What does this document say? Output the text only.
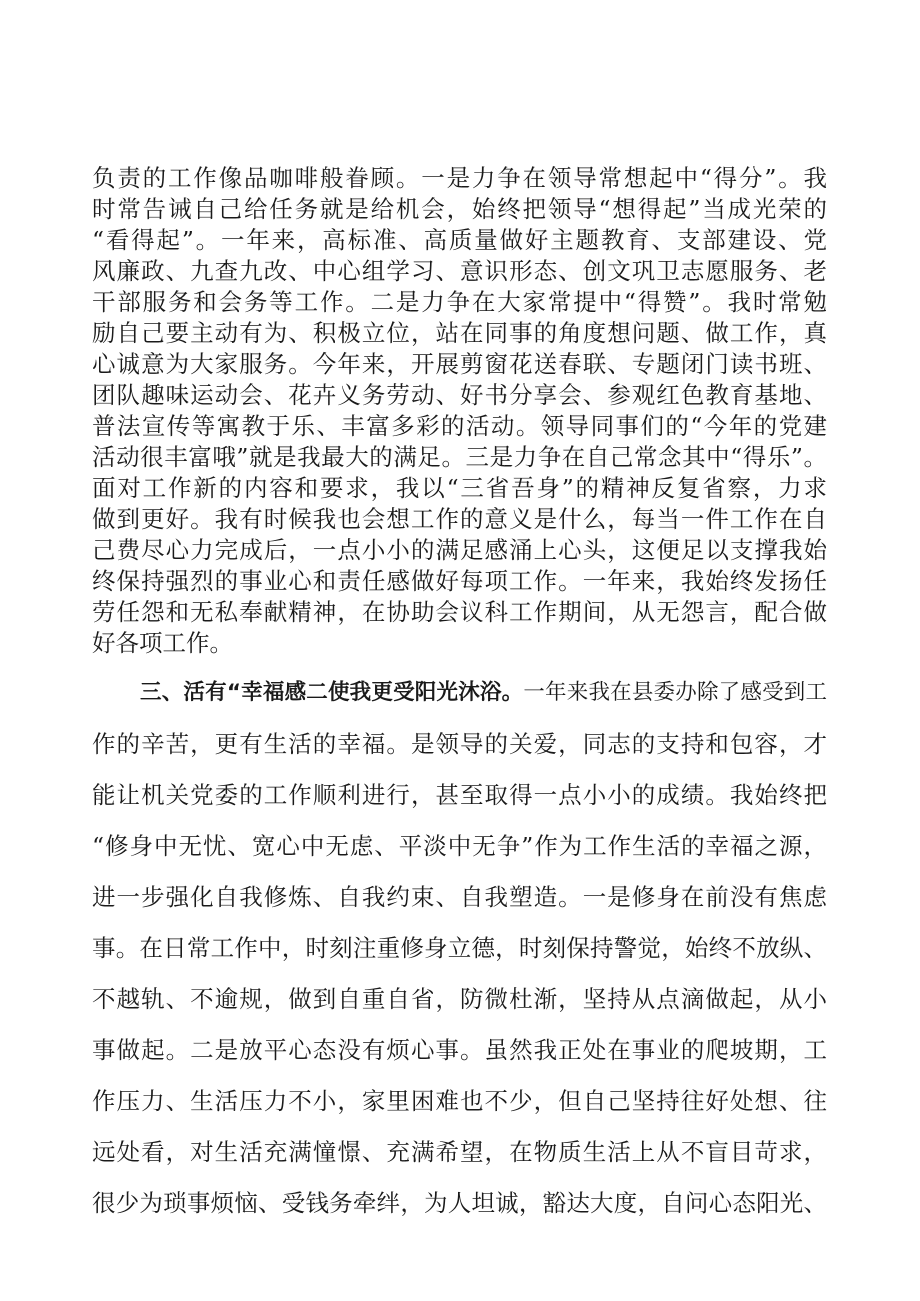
负责的工作像品咖啡般眷顾。一是力争在领导常想起中“得分”。我
时常告诫自己给任务就是给机会，始终把领导“想得起”当成光荣的
“看得起”。一年来，高标准、高质量做好主题教育、支部建设、党
风廉政、九查九改、中心组学习、意识形态、创文巩卫志愿服务、老
干部服务和会务等工作。二是力争在大家常提中“得赞”。我时常勉
励自己要主动有为、积极立位，站在同事的角度想问题、做工作，真
心诚意为大家服务。今年来，开展剪窗花送春联、专题闭门读书班、
团队趣味运动会、花卉义务劳动、好书分享会、参观红色教育基地、
普法宣传等寓教于乐、丰富多彩的活动。领导同事们的“今年的党建
活动很丰富哦”就是我最大的满足。三是力争在自己常念其中“得乐”。
面对工作新的内容和要求，我以“三省吾身”的精神反复省察，力求
做到更好。我有时候我也会想工作的意义是什么，每当一件工作在自
己费尽心力完成后，一点小小的满足感涌上心头，这便足以支撑我始
终保持强烈的事业心和责任感做好每项工作。一年来，我始终发扬任
劳任怨和无私奉献精神，在协助会议科工作期间，从无怨言，配合做
好各项工作。
三、活有“幸福感二使我更受阳光沐浴。一年来我在县委办除了感受到工
作的辛苦，更有生活的幸福。是领导的关爱，同志的支持和包容，才
能让机关党委的工作顺利进行，甚至取得一点小小的成绩。我始终把
“修身中无忧、宽心中无虑、平淡中无争”作为工作生活的幸福之源，
进一步强化自我修炼、自我约束、自我塑造。一是修身在前没有焦虑
事。在日常工作中，时刻注重修身立德，时刻保持警觉，始终不放纵、
不越轨、不逾规，做到自重自省，防微杜渐，坚持从点滴做起，从小
事做起。二是放平心态没有烦心事。虽然我正处在事业的爬坡期，工
作压力、生活压力不小，家里困难也不少，但自己坚持往好处想、往
远处看，对生活充满憧憬、充满希望，在物质生活上从不盲目苛求，
很少为琐事烦恼、受钱务牵绊，为人坦诚，豁达大度，自问心态阳光、
